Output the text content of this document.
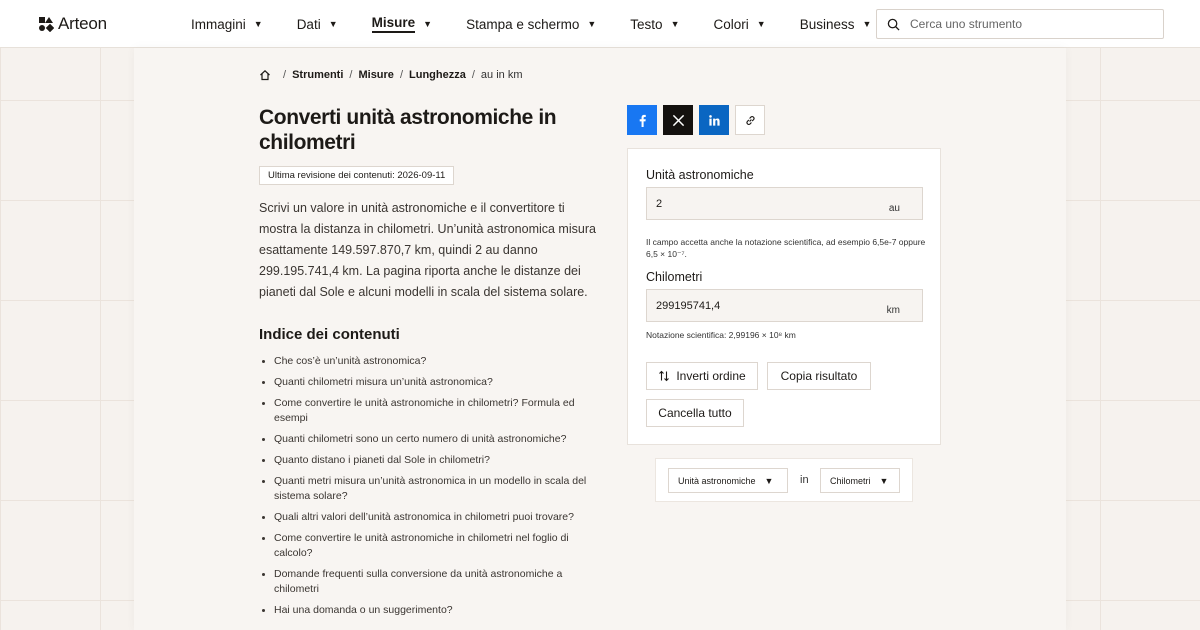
Arteon	Immagini ▼	Dati ▼	Misure ▼	Stampa e schermo ▼	Testo ▼	Colori ▼	Business ▼
Cerca uno strumento
/ Strumenti / Misure / Lunghezza / au in km
Converti unità astronomiche in chilometri
Ultima revisione dei contenuti: 2026-09-11

Scrivi un valore in unità astronomiche e il convertitore ti mostra la distanza in chilometri. Un’unità astronomica misura esattamente 149.597.870,7 km, quindi 2 au danno 299.195.741,4 km. La pagina riporta anche le distanze dei pianeti dal Sole e alcuni modelli in scala del sistema solare.

Indice dei contenuti
Che cos’è un’unità astronomica?
Quanti chilometri misura un’unità astronomica?
Come convertire le unità astronomiche in chilometri? Formula ed esempi
Quanti chilometri sono un certo numero di unità astronomiche?
Quanto distano i pianeti dal Sole in chilometri?
Quanti metri misura un’unità astronomica in un modello in scala del sistema solare?
Quali altri valori dell’unità astronomica in chilometri puoi trovare?
Come convertire le unità astronomiche in chilometri nel foglio di calcolo?
Domande frequenti sulla conversione da unità astronomiche a chilometri
Hai una domanda o un suggerimento?
Unità astronomiche
2
au

Il campo accetta anche la notazione scientifica, ad esempio 6,5e-7 oppure 6,5 × 10⁻⁷.

Chilometri
299195741,4
km

Notazione scientifica: 2,99196 × 10⁸ km

Inverti ordine	Copia risultato
Cancella tutto
Unità astronomiche ▼ in Chilometri ▼
